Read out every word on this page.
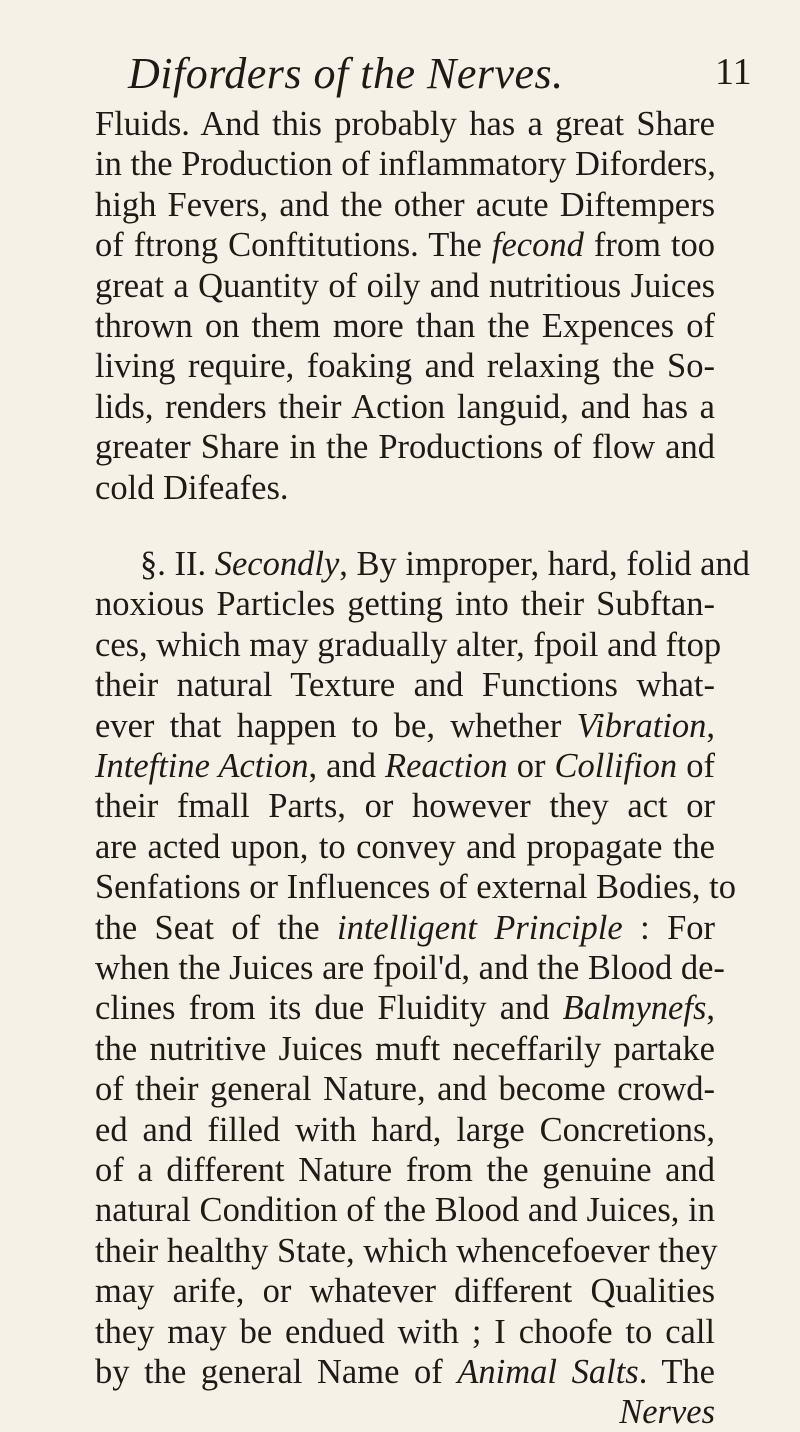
Diforders of the Nerves.	11
Fluids. And this probably has a great Share
in the Production of inflammatory Diforders,
high Fevers, and the other acute Diftempers
of ftrong Conftitutions. The fecond from too
great a Quantity of oily and nutritious Juices
thrown on them more than the Expences of
living require, foaking and relaxing the So-
lids, renders their Action languid, and has a
greater Share in the Productions of flow and
cold Difeafes.
§. II. Secondly, By improper, hard, folid and
noxious Particles getting into their Subftan-
ces, which may gradually alter, fpoil and ftop
their natural Texture and Functions what-
ever that happen to be, whether Vibration,
Inteftine Action, and Reaction or Collifion of
their fmall Parts, or however they act or
are acted upon, to convey and propagate the
Senfations or Influences of external Bodies, to
the Seat of the intelligent Principle : For
when the Juices are fpoil'd, and the Blood de-
clines from its due Fluidity and Balmynefs,
the nutritive Juices muft neceffarily partake
of their general Nature, and become crowd-
ed and filled with hard, large Concretions,
of a different Nature from the genuine and
natural Condition of the Blood and Juices, in
their healthy State, which whencefoever they
may arife, or whatever different Qualities
they may be endued with ; I choofe to call
by the general Name of Animal Salts. The
Nerves
